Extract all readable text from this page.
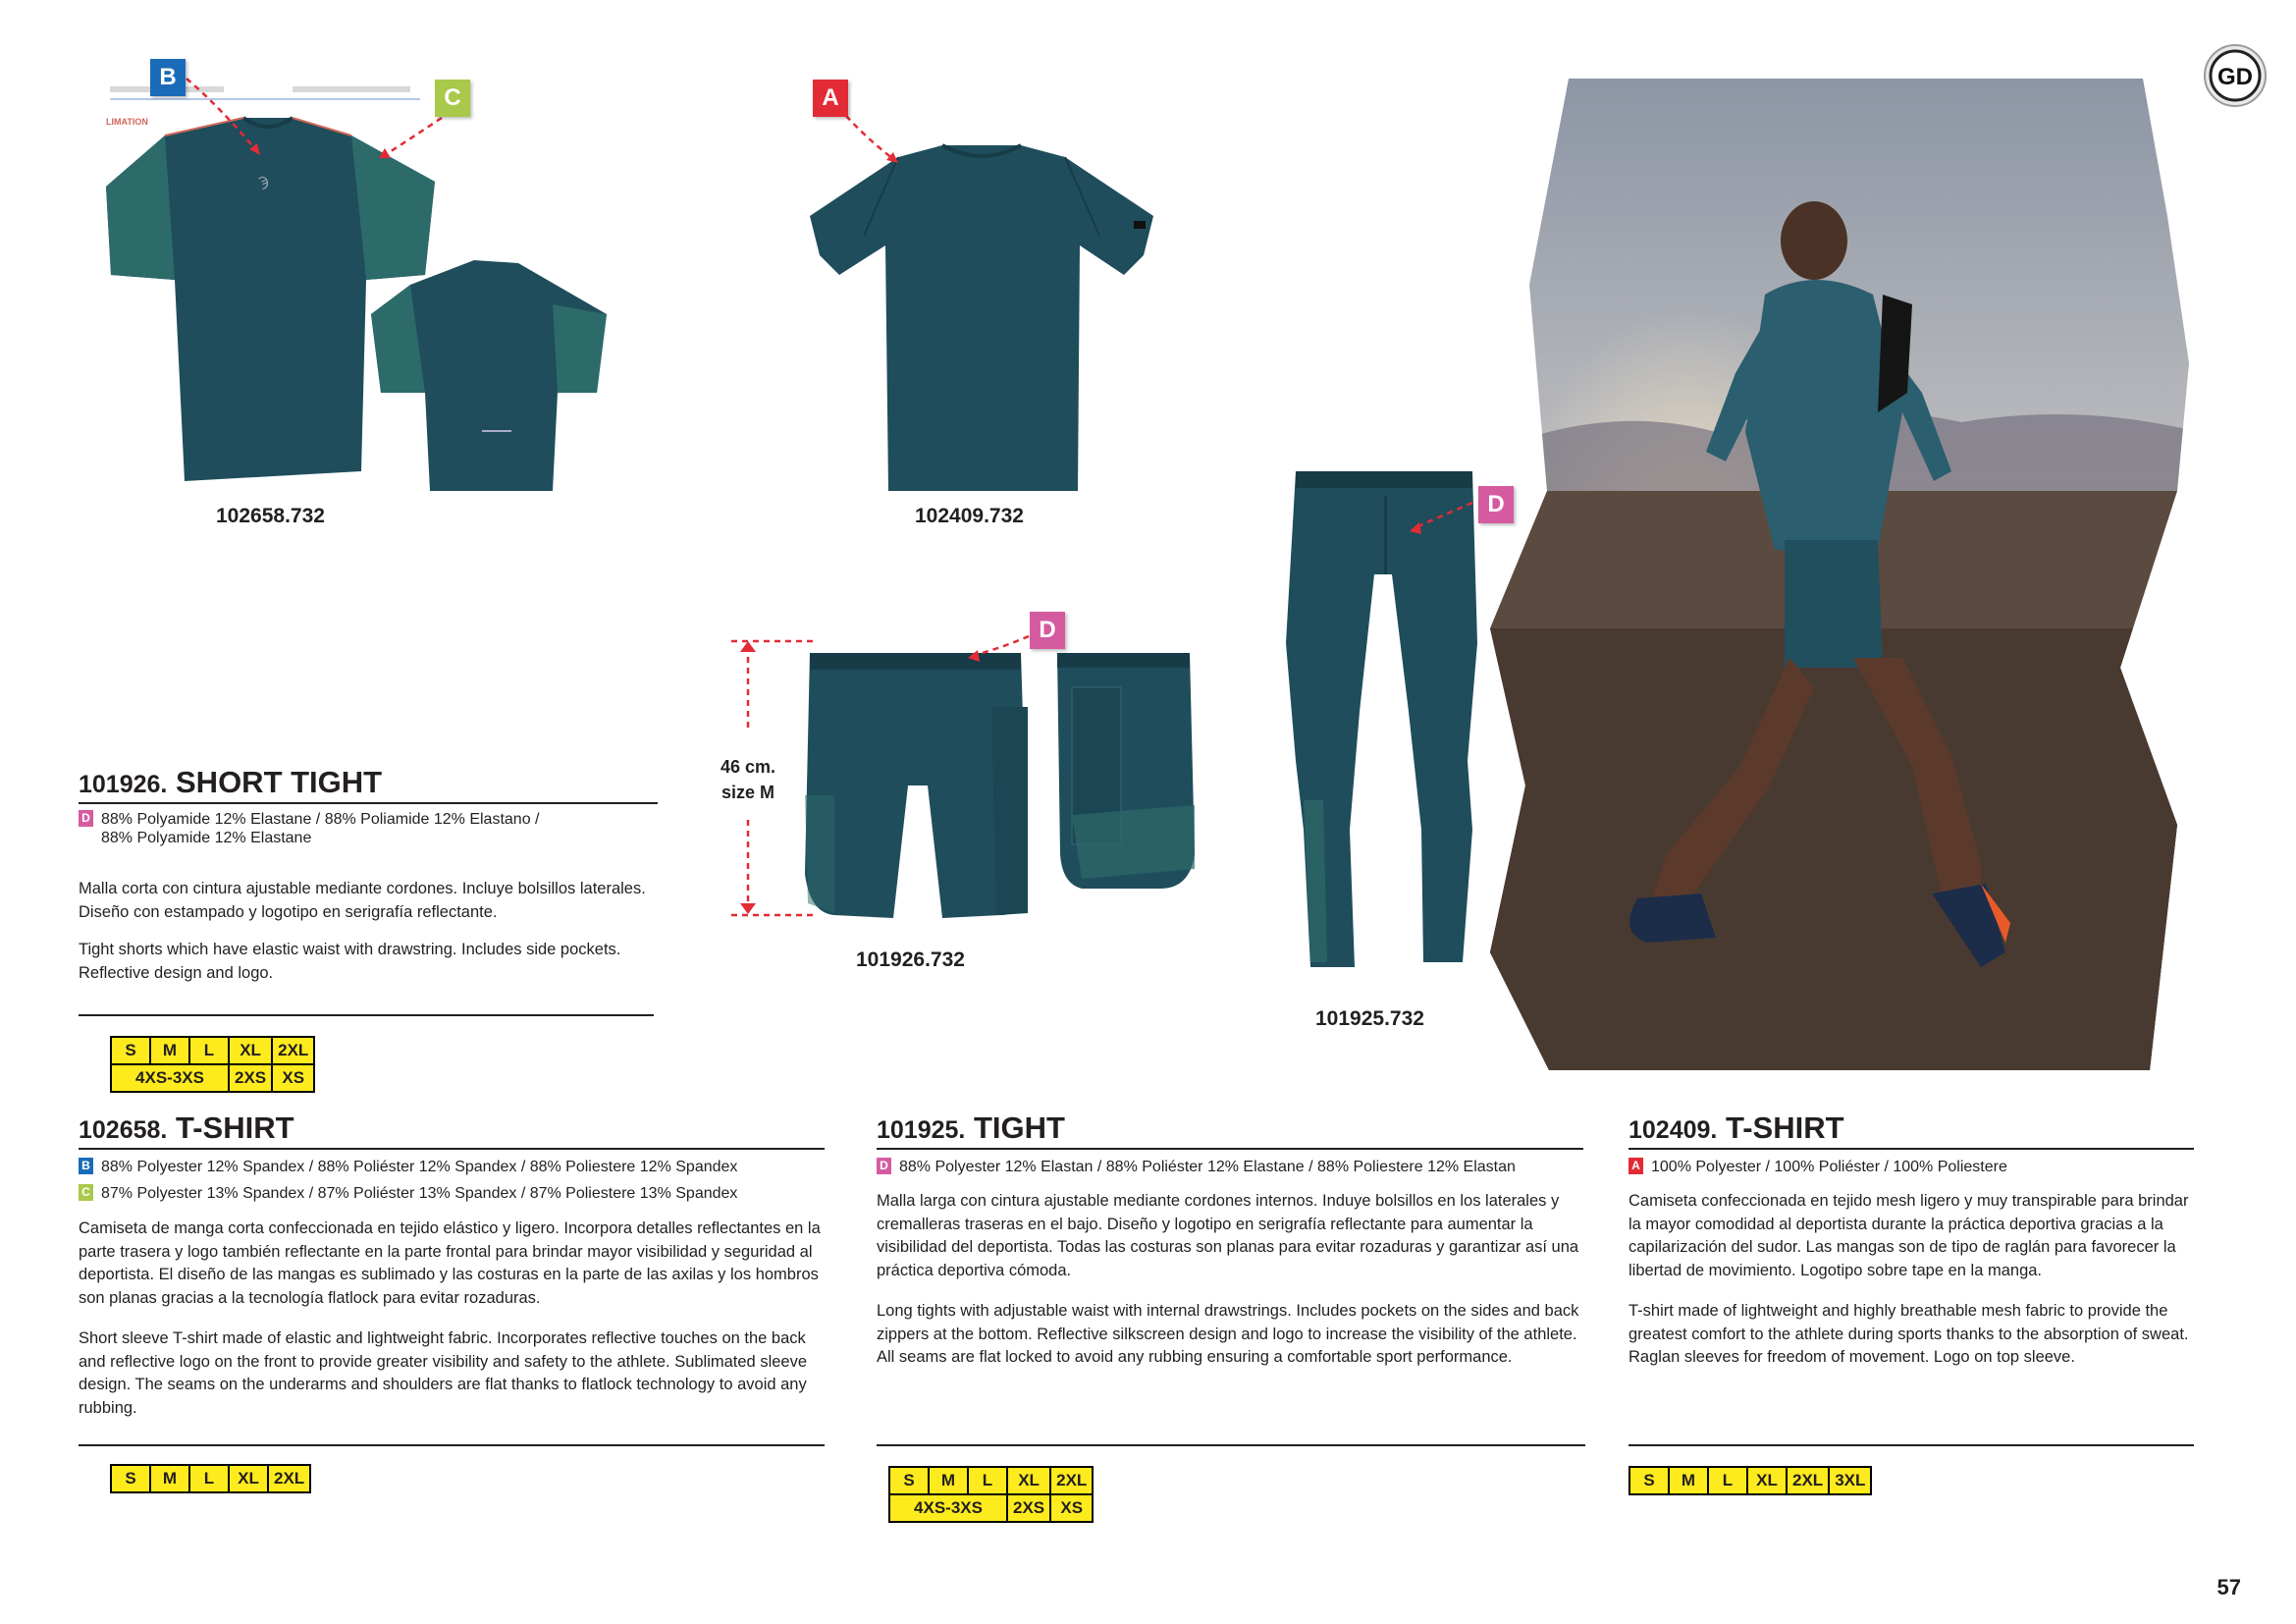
GD
Ϡ
LIMATION
102658.732	102409.732
46 cm.
size M
101926.732
101925.732
B
C	A
D
D
101926. SHORT TIGHT
D 88% Polyamide 12% Elastane / 88% Poliamide 12% Elastano /
88% Polyamide 12% Elastane
Malla corta con cintura ajustable mediante cordones. Incluye bolsillos laterales. Diseño con estampado y logotipo en serigrafía reflectante.
Tight shorts which have elastic waist with drawstring. Includes side pockets. Reflective design and logo.
S	M	L	XL	2XL
4XS-3XS			2XS	XS
102658. T-SHIRT
B 88% Polyester 12% Spandex / 88% Poliéster 12% Spandex / 88% Poliestere 12% Spandex
C 87% Polyester 13% Spandex / 87% Poliéster 13% Spandex / 87% Poliestere 13% Spandex
Camiseta de manga corta confeccionada en tejido elástico y ligero. Incorpora detalles reflectantes en la parte trasera y logo también reflectante en la parte frontal para brindar mayor visibilidad y seguridad al deportista. El diseño de las mangas es sublimado y las costuras en la parte de las axilas y los hombros son planas gracias a la tecnología flatlock para evitar rozaduras.
Short sleeve T-shirt made of elastic and lightweight fabric. Incorporates reflective touches on the back and reflective logo on the front to provide greater visibility and safety to the athlete. Sublimated sleeve design. The seams on the underarms and shoulders are flat thanks to flatlock technology to avoid any rubbing.
S	M	L	XL	2XL
101925. TIGHT
D 88% Polyester 12% Elastan / 88% Poliéster 12% Elastane / 88% Poliestere 12% Elastan
Malla larga con cintura ajustable mediante cordones internos. Induye bolsillos en los laterales y cremalleras traseras en el bajo. Diseño y logotipo en serigrafía reflectante para aumentar la visibilidad del deportista. Todas las costuras son planas para evitar rozaduras y garantizar así una práctica deportiva cómoda.
Long tights with adjustable waist with internal drawstrings. Includes pockets on the sides and back zippers at the bottom. Reflective silkscreen design and logo to increase the visibility of the athlete. All seams are flat locked to avoid any rubbing ensuring a comfortable sport performance.
S	M	L	XL	2XL
4XS-3XS			2XS	XS
102409. T-SHIRT
A 100% Polyester / 100% Poliéster / 100% Poliestere
Camiseta confeccionada en tejido mesh ligero y muy transpirable para brindar la mayor comodidad al deportista durante la práctica deportiva gracias a la capilarización del sudor. Las mangas son de tipo de raglán para favorecer la libertad de movimiento. Logotipo sobre tape en la manga.
T-shirt made of lightweight and highly breathable mesh fabric to provide the greatest comfort to the athlete during sports thanks to the absorption of sweat. Raglan sleeves for freedom of movement. Logo on top sleeve.
S	M	L	XL	2XL	3XL
57
